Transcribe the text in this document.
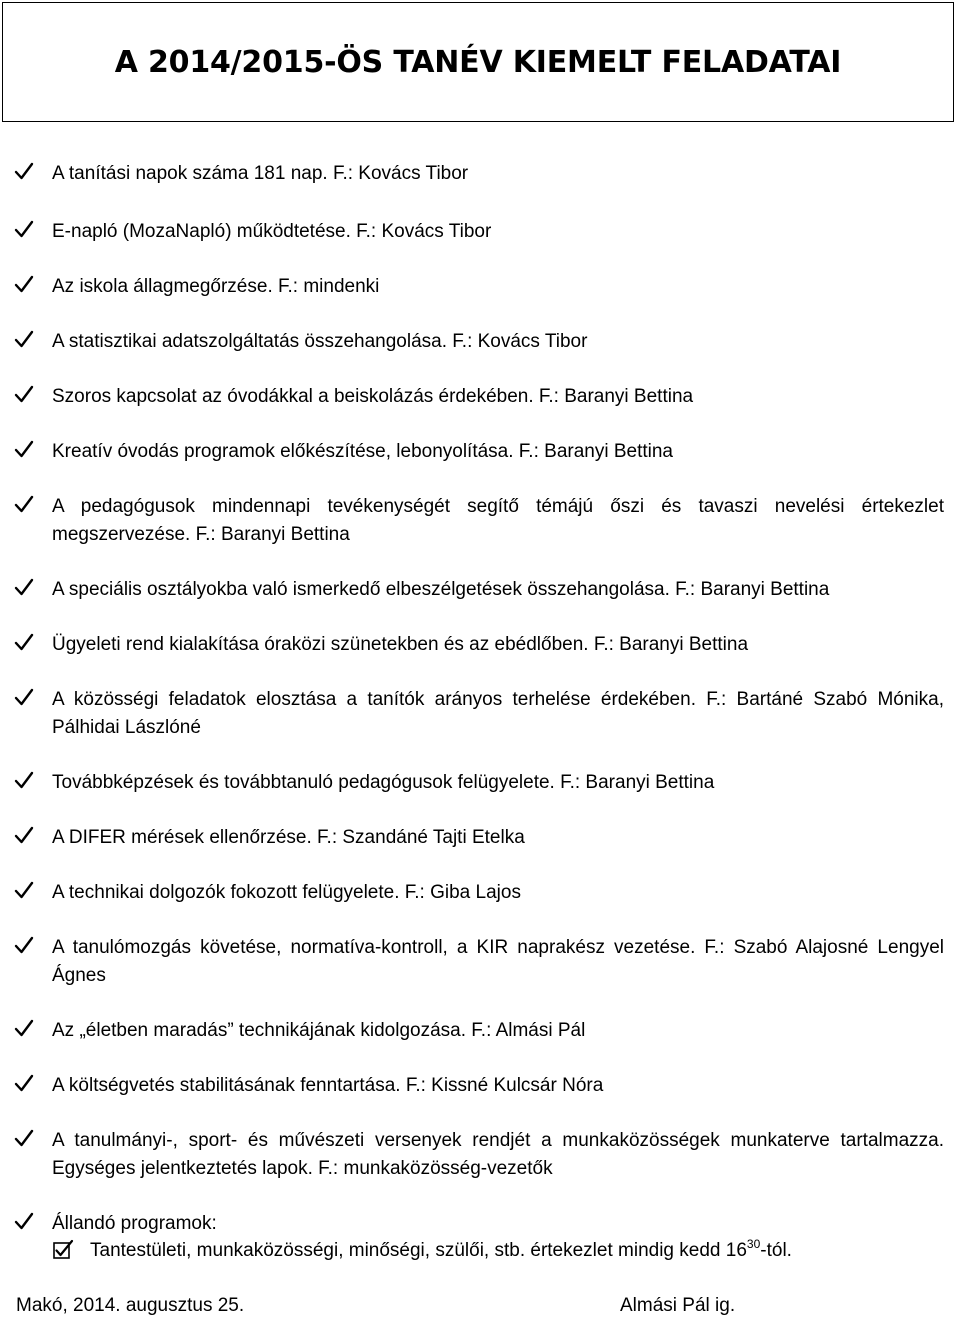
A 2014/2015-ÖS TANÉV KIEMELT FELADATAI
A tanítási napok száma 181 nap. F.: Kovács Tibor
E-napló (MozaNapló) működtetése. F.: Kovács Tibor
Az iskola állagmegőrzése. F.: mindenki
A statisztikai adatszolgáltatás összehangolása. F.: Kovács Tibor
Szoros kapcsolat az óvodákkal a beiskolázás érdekében. F.: Baranyi Bettina
Kreatív óvodás programok előkészítése, lebonyolítása. F.: Baranyi Bettina
A pedagógusok mindennapi tevékenységét segítő témájú őszi és tavaszi nevelési értekezlet megszervezése. F.: Baranyi Bettina
A speciális osztályokba való ismerkedő elbeszélgetések összehangolása. F.: Baranyi Bettina
Ügyeleti rend kialakítása óraközi szünetekben és az ebédlőben. F.: Baranyi Bettina
A közösségi feladatok elosztása a tanítók arányos terhelése érdekében. F.: Bartáné Szabó Mónika, Pálhidai Lászlóné
Továbbképzések és továbbtanuló pedagógusok felügyelete. F.: Baranyi Bettina
A DIFER mérések ellenőrzése. F.: Szandáné Tajti Etelka
A technikai dolgozók fokozott felügyelete. F.: Giba Lajos
A tanulómozgás követése, normatíva-kontroll, a KIR naprakész vezetése. F.: Szabó Alajosné Lengyel Ágnes
Az „életben maradás” technikájának kidolgozása. F.: Almási Pál
A költségvetés stabilitásának fenntartása. F.: Kissné Kulcsár Nóra
A tanulmányi-, sport- és művészeti versenyek rendjét a munkaközösségek munkaterve tartalmazza. Egységes jelentkeztetés lapok. F.: munkaközösség-vezetők
Állandó programok:
Tantestületi, munkaközösségi, minőségi, szülői, stb. értekezlet mindig kedd $16^{30}$-tól.
Makó, 2014. augusztus 25.	Almási Pál ig.
